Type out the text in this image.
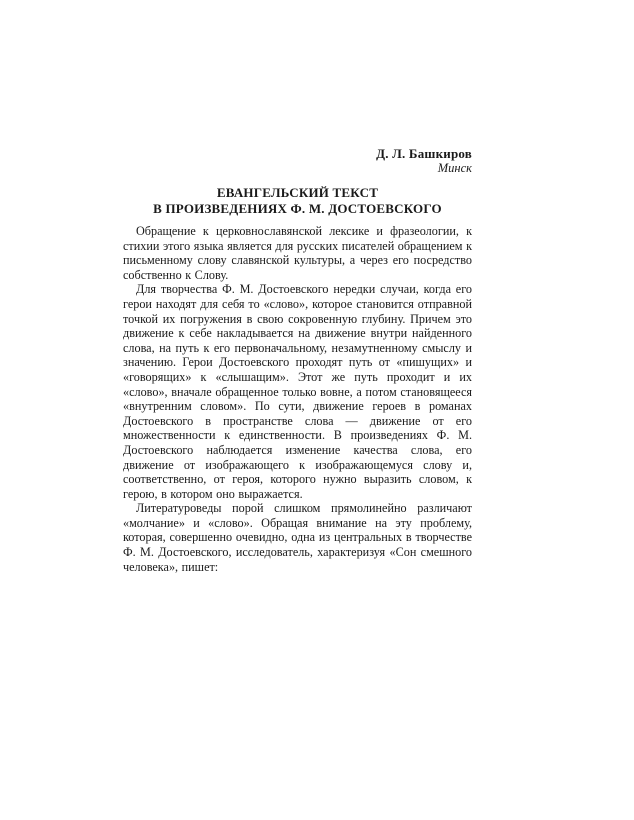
Д. Л. Башкиров
Минск
ЕВАНГЕЛЬСКИЙ ТЕКСТ
В ПРОИЗВЕДЕНИЯХ Ф. М. ДОСТОЕВСКОГО

Обращение к церковнославянской лексике и фразеологии, к стихии этого языка является для русских писателей обращением к письменному слову славянской культуры, а через его посредство собственно к Слову.

Для творчества Ф. М. Достоевского нередки случаи, когда его герои находят для себя то «слово», которое становится отправной точкой их погружения в свою сокровенную глубину. Причем это движение к себе накладывается на движение внутри найденного слова, на путь к его первоначальному, незамутненному смыслу и значению. Герои Достоевского проходят путь от «пишущих» и «говорящих» к «слышащим». Этот же путь проходит и их «слово», вначале обращенное только вовне, а потом становящееся «внутренним словом». По сути, движение героев в романах Достоевского в пространстве слова — движение от его множественности к единственности. В произведениях Ф. М. Достоевского наблюдается изменение качества слова, его движение от изображающего к изображающемуся слову и, соответственно, от героя, которого нужно выразить словом, к герою, в котором оно выражается.

Литературоведы порой слишком прямолинейно различают «молчание» и «слово». Обращая внимание на эту проблему, которая, совершенно очевидно, одна из центральных в творчестве Ф. М. Достоевского, исследователь, характеризуя «Сон смешного человека», пишет:
